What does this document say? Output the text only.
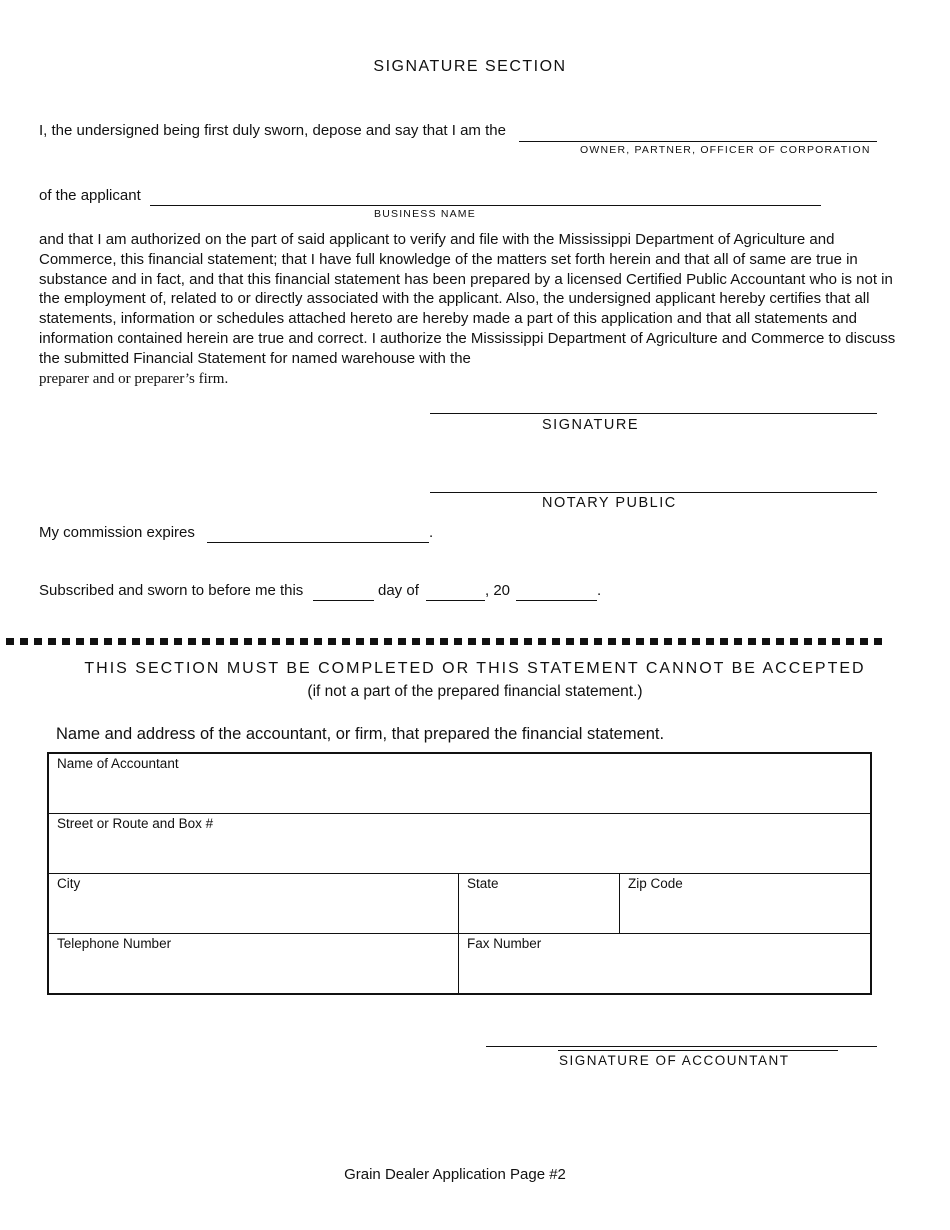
SIGNATURE SECTION
I, the undersigned being first duly sworn, depose and say that I am the
OWNER, PARTNER, OFFICER OF CORPORATION
of the applicant
BUSINESS NAME
and that I am authorized on the part of said applicant to verify and file with the Mississippi Department of Agriculture and Commerce, this financial statement; that I have full knowledge of the matters set forth herein and that all of same are true in substance and in fact, and that this financial statement has been prepared by a licensed Certified Public Accountant who is not in the employment of, related to or directly associated with the applicant. Also, the undersigned applicant hereby certifies that all statements, information or schedules attached hereto are hereby made a part of this application and that all statements and information contained herein are true and correct. I authorize the Mississippi Department of Agriculture and Commerce to discuss the submitted Financial Statement for named warehouse with the
preparer and or preparer’s firm.
SIGNATURE
NOTARY PUBLIC
My commission expires	.
Subscribed and sworn to before me this	day of	, 20	.
THIS SECTION MUST BE COMPLETED OR THIS STATEMENT CANNOT BE ACCEPTED
(if not a part of the prepared financial statement.)
Name and address of the accountant, or firm, that prepared the financial statement.
Name of Accountant		
Street or Route and Box #		
City	State	Zip Code
Telephone Number	Fax Number	
SIGNATURE OF ACCOUNTANT
Grain Dealer Application Page #2
